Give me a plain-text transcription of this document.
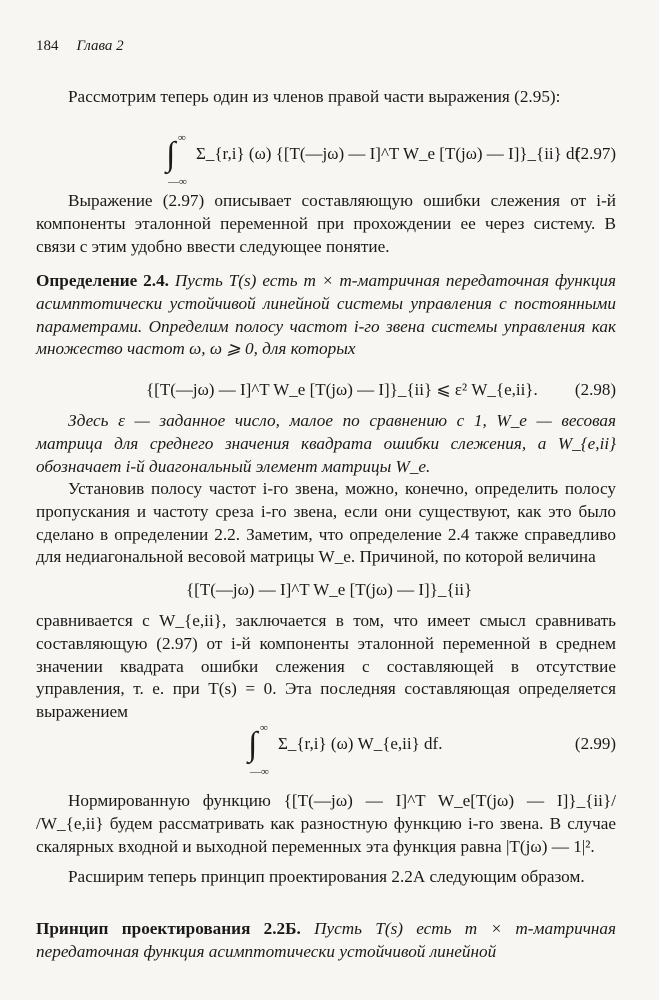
184 Глава 2

Рассмотрим теперь один из членов правой части выражения (2.95):

∫ ∞
—∞
Σ_{r,i} (ω) {[T(—jω) — I]^T W_e [T(jω) — I]}_{ii} df.
(2.97)

Выражение (2.97) описывает составляющую ошибки слежения от i-й компоненты эталонной переменной при прохождении ее через систему. В связи с этим удобно ввести следующее понятие.

Определение 2.4. Пусть T(s) есть m × m-матричная передаточная функция асимптотически устойчивой линейной системы управления с постоянными параметрами. Определим полосу частот i-го звена системы управления как множество частот ω, ω ⩾ 0, для которых

{[T(—jω) — I]^T W_e [T(jω) — I]}_{ii} ⩽ ε² W_{e,ii}. (2.98)

Здесь ε — заданное число, малое по сравнению с 1, W_e — весовая матрица для среднего значения квадрата ошибки слежения, а W_{e,ii} обозначает i-й диагональный элемент матрицы W_e.

Установив полосу частот i-го звена, можно, конечно, определить полосу пропускания и частоту среза i-го звена, если они существуют, как это было сделано в определении 2.2. Заметим, что определение 2.4 также справедливо для недиагональной весовой матрицы W_e. Причиной, по которой величина

{[T(—jω) — I]^T W_e [T(jω) — I]}_{ii}

сравнивается с W_{e,ii}, заключается в том, что имеет смысл сравнивать составляющую (2.97) от i-й компоненты эталонной переменной в среднем значении квадрата ошибки слежения с составляющей в отсутствие управления, т. е. при T(s) = 0. Эта последняя составляющая определяется выражением

∫ ∞
—∞
Σ_{r,i} (ω) W_{e,ii} df.	(2.99)

Нормированную функцию {[T(—jω) — I]^T W_e[T(jω) — I]}_{ii}/ /W_{e,ii} будем рассматривать как разностную функцию i-го звена. В случае скалярных входной и выходной переменных эта функция равна |T(jω) — 1|².

Расширим теперь принцип проектирования 2.2А следующим образом.

Принцип проектирования 2.2Б. Пусть T(s) есть m × m-матричная передаточная функция асимптотически устойчивой линейной
